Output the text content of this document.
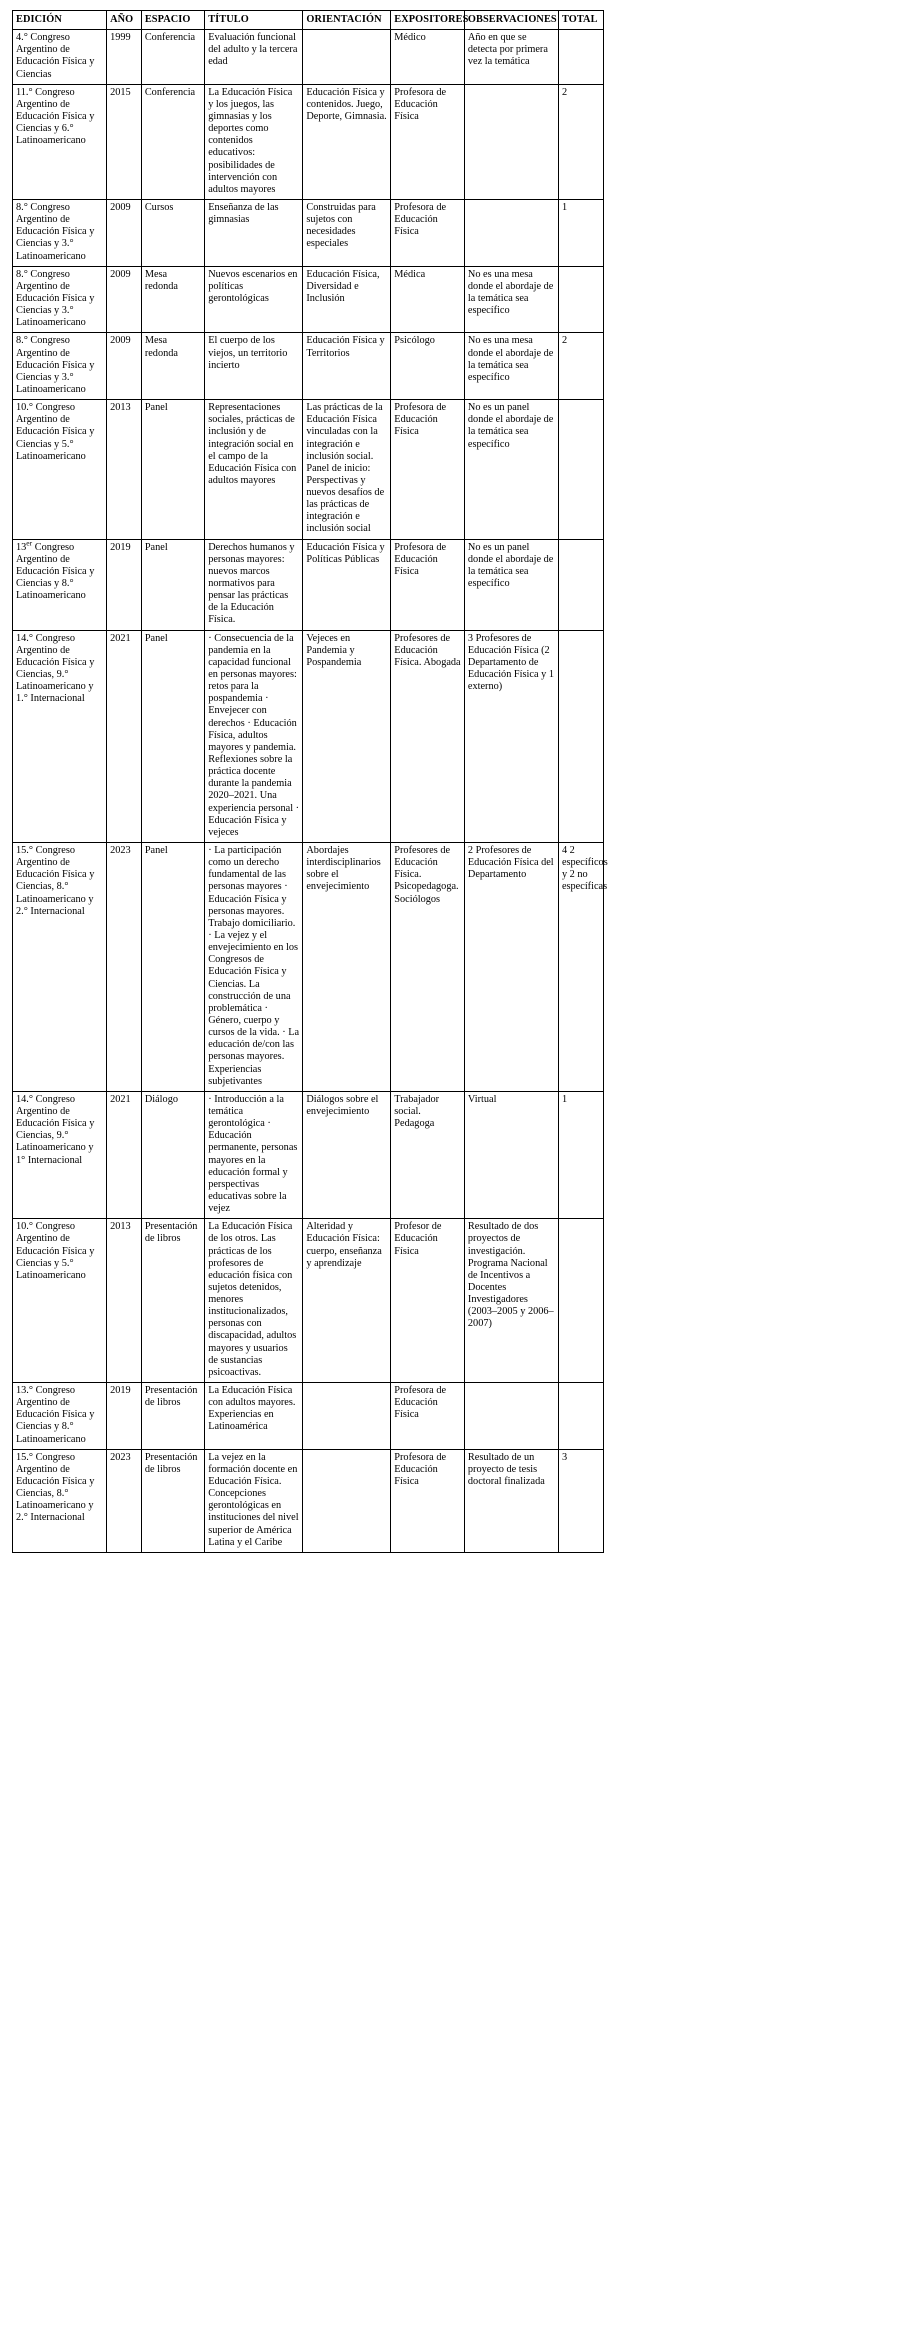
EDICIÓN	AÑO	ESPACIO	TÍTULO	ORIENTACIÓN	EXPOSITORES	OBSERVACIONES	TOTAL
4.° Congreso Argentino de Educación Física y Ciencias	1999	Conferencia	Evaluación funcional del adulto y la tercera edad		Médico	Año en que se detecta por primera vez la temática	
11.° Congreso Argentino de Educación Física y Ciencias y 6.° Latinoamericano	2015	Conferencia	La Educación Física y los juegos, las gimnasias y los deportes como contenidos educativos: posibilidades de intervención con adultos mayores	Educación Física y contenidos. Juego, Deporte, Gimnasia.	Profesora de Educación Física		2
8.° Congreso Argentino de Educación Física y Ciencias y 3.° Latinoamericano	2009	Cursos	Enseñanza de las gimnasias	Construidas para sujetos con necesidades especiales	Profesora de Educación Física		1
8.° Congreso Argentino de Educación Física y Ciencias y 3.° Latinoamericano	2009	Mesa redonda	Nuevos escenarios en políticas gerontológicas	Educación Física, Diversidad e Inclusión	Médica	No es una mesa donde el abordaje de la temática sea específico	
8.° Congreso Argentino de Educación Física y Ciencias y 3.° Latinoamericano	2009	Mesa redonda	El cuerpo de los viejos, un territorio incierto	Educación Física y Territorios	Psicólogo	No es una mesa donde el abordaje de la temática sea específico	2
10.° Congreso Argentino de Educación Física y Ciencias y 5.° Latinoamericano	2013	Panel	Representaciones sociales, prácticas de inclusión y de integración social en el campo de la Educación Física con adultos mayores	Las prácticas de la Educación Física vinculadas con la integración e inclusión social. Panel de inicio: Perspectivas y nuevos desafíos de las prácticas de integración e inclusión social	Profesora de Educación Física	No es un panel donde el abordaje de la temática sea específico	
13er Congreso Argentino de Educación Física y Ciencias y 8.° Latinoamericano	2019	Panel	Derechos humanos y personas mayores: nuevos marcos normativos para pensar las prácticas de la Educación Física.	Educación Física y Políticas Públicas	Profesora de Educación Física	No es un panel donde el abordaje de la temática sea específico	
14.° Congreso Argentino de Educación Física y Ciencias, 9.° Latinoamericano y 1.° Internacional	2021	Panel	· Consecuencia de la pandemia en la capacidad funcional en personas mayores: retos para la pospandemia · Envejecer con derechos · Educación Física, adultos mayores y pandemia. Reflexiones sobre la práctica docente durante la pandemia 2020–2021. Una experiencia personal · Educación Física y vejeces	Vejeces en Pandemia y Pospandemia	Profesores de Educación Física. Abogada	3 Profesores de Educación Física (2 Departamento de Educación Física y 1 externo)	
15.° Congreso Argentino de Educación Física y Ciencias, 8.° Latinoamericano y 2.° Internacional	2023	Panel	· La participación como un derecho fundamental de las personas mayores · Educación Física y personas mayores. Trabajo domiciliario. · La vejez y el envejecimiento en los Congresos de Educación Física y Ciencias. La construcción de una problemática · Género, cuerpo y cursos de la vida. · La educación de/con las personas mayores. Experiencias subjetivantes	Abordajes interdisciplinarios sobre el envejecimiento	Profesores de Educación Física. Psicopedagoga. Sociólogos	2 Profesores de Educación Física del Departamento	4 2 específicos y 2 no específicas
14.° Congreso Argentino de Educación Física y Ciencias, 9.° Latinoamericano y 1° Internacional	2021	Diálogo	· Introducción a la temática gerontológica · Educación permanente, personas mayores en la educación formal y perspectivas educativas sobre la vejez	Diálogos sobre el envejecimiento	Trabajador social. Pedagoga	Virtual	1
10.° Congreso Argentino de Educación Física y Ciencias y 5.° Latinoamericano	2013	Presentación de libros	La Educación Física de los otros. Las prácticas de los profesores de educación física con sujetos detenidos, menores institucionalizados, personas con discapacidad, adultos mayores y usuarios de sustancias psicoactivas.	Alteridad y Educación Física: cuerpo, enseñanza y aprendizaje	Profesor de Educación Física	Resultado de dos proyectos de investigación. Programa Nacional de Incentivos a Docentes Investigadores (2003–2005 y 2006–2007)	
13.° Congreso Argentino de Educación Física y Ciencias y 8.° Latinoamericano	2019	Presentación de libros	La Educación Física con adultos mayores. Experiencias en Latinoamérica		Profesora de Educación Física		
15.° Congreso Argentino de Educación Física y Ciencias, 8.° Latinoamericano y 2.° Internacional	2023	Presentación de libros	La vejez en la formación docente en Educación Física. Concepciones gerontológicas en instituciones del nivel superior de América Latina y el Caribe		Profesora de Educación Física	Resultado de un proyecto de tesis doctoral finalizada	3
